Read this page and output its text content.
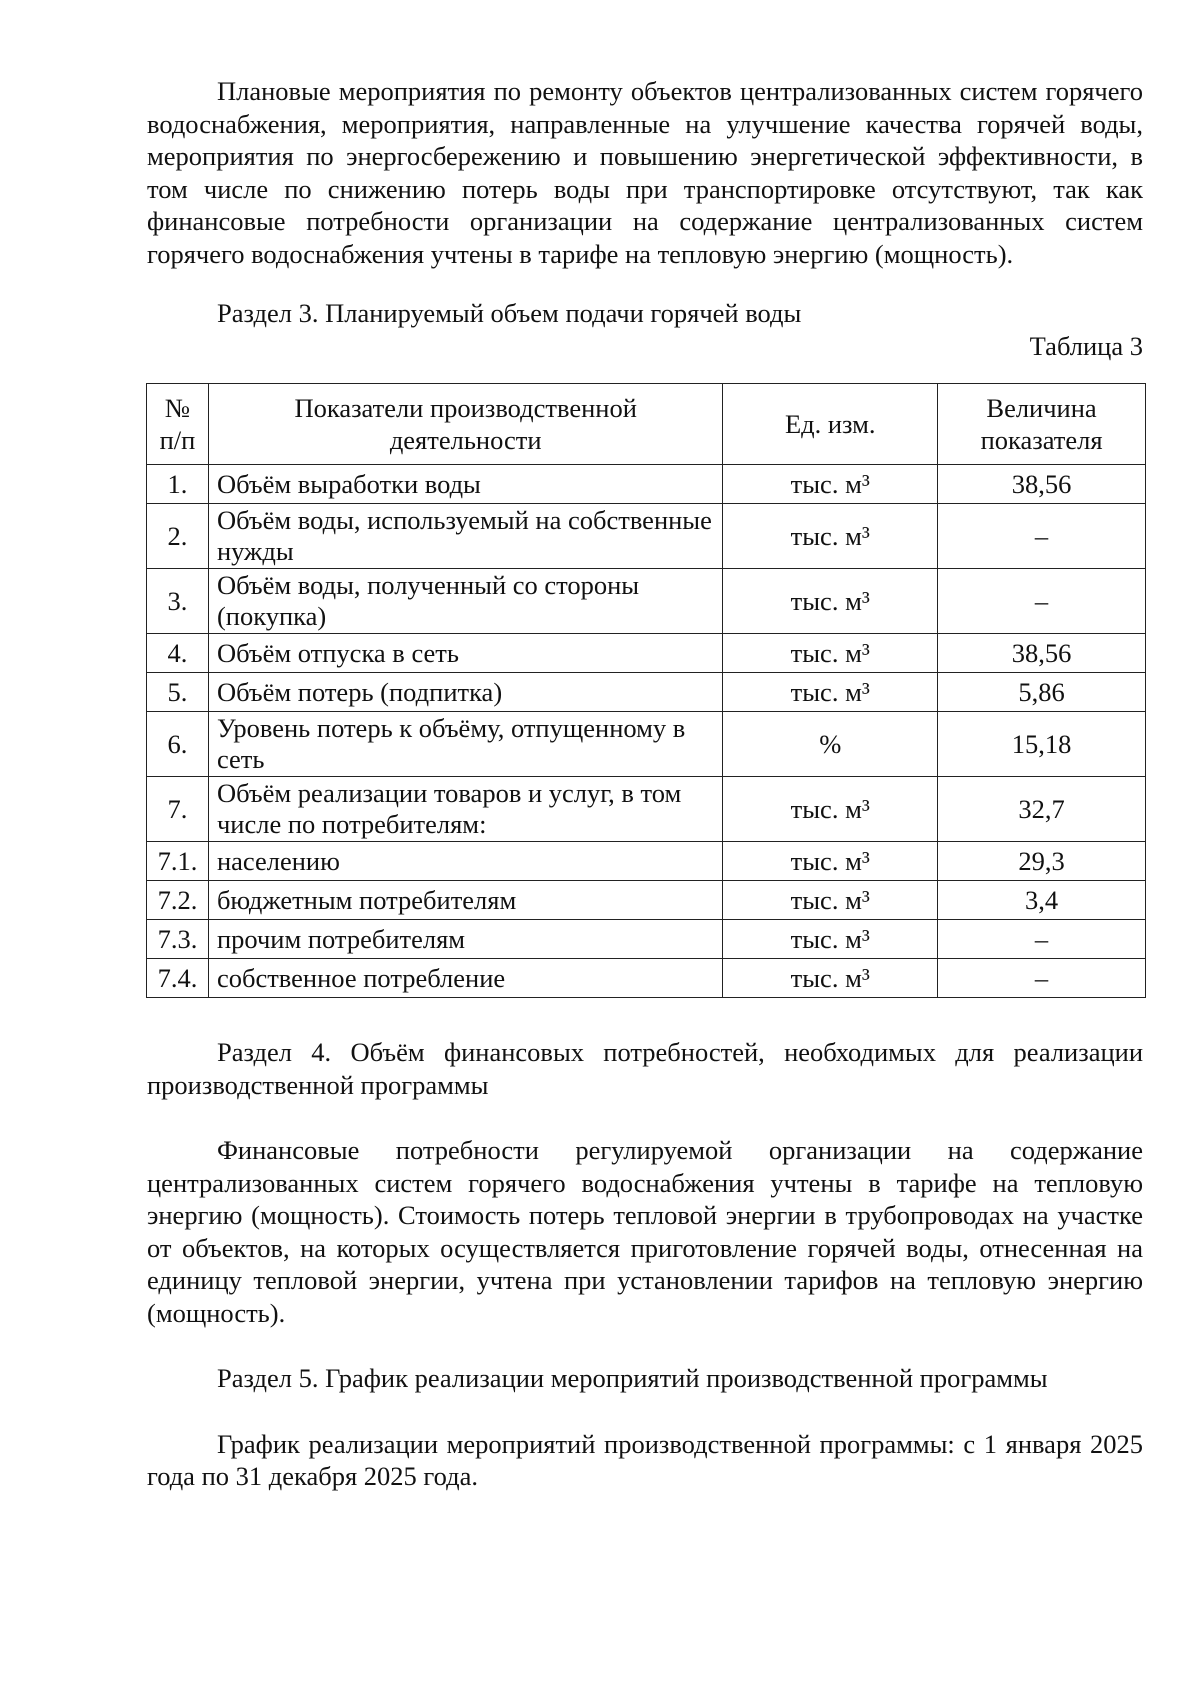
Плановые мероприятия по ремонту объектов централизованных систем горячего водоснабжения, мероприятия, направленные на улучшение качества горячей воды, мероприятия по энергосбережению и повышению энергетической эффективности, в том числе по снижению потерь воды при транспортировке отсутствуют, так как финансовые потребности организации на содержание централизованных систем горячего водоснабжения учтены в тарифе на тепловую энергию (мощность).

Раздел 3. Планируемый объем подачи горячей воды

Таблица 3

№ п/п	Показатели производственной деятельности	Ед. изм.	Величина показателя
1.	Объём выработки воды	тыс. м³	38,56
2.	Объём воды, используемый на собственные нужды	тыс. м³	–
3.	Объём воды, полученный со стороны (покупка)	тыс. м³	–
4.	Объём отпуска в сеть	тыс. м³	38,56
5.	Объём потерь (подпитка)	тыс. м³	5,86
6.	Уровень потерь к объёму, отпущенному в сеть	%	15,18
7.	Объём реализации товаров и услуг, в том числе по потребителям:	тыс. м³	32,7
7.1.	населению	тыс. м³	29,3
7.2.	бюджетным потребителям	тыс. м³	3,4
7.3.	прочим потребителям	тыс. м³	–
7.4.	собственное потребление	тыс. м³	–

Раздел 4. Объём финансовых потребностей, необходимых для реализации производственной программы

Финансовые потребности регулируемой организации на содержание централизованных систем горячего водоснабжения учтены в тарифе на тепловую энергию (мощность). Стоимость потерь тепловой энергии в трубопроводах на участке от объектов, на которых осуществляется приготовление горячей воды, отнесенная на единицу тепловой энергии, учтена при установлении тарифов на тепловую энергию (мощность).

Раздел 5. График реализации мероприятий производственной программы

График реализации мероприятий производственной программы: с 1 января 2025 года по 31 декабря 2025 года.
